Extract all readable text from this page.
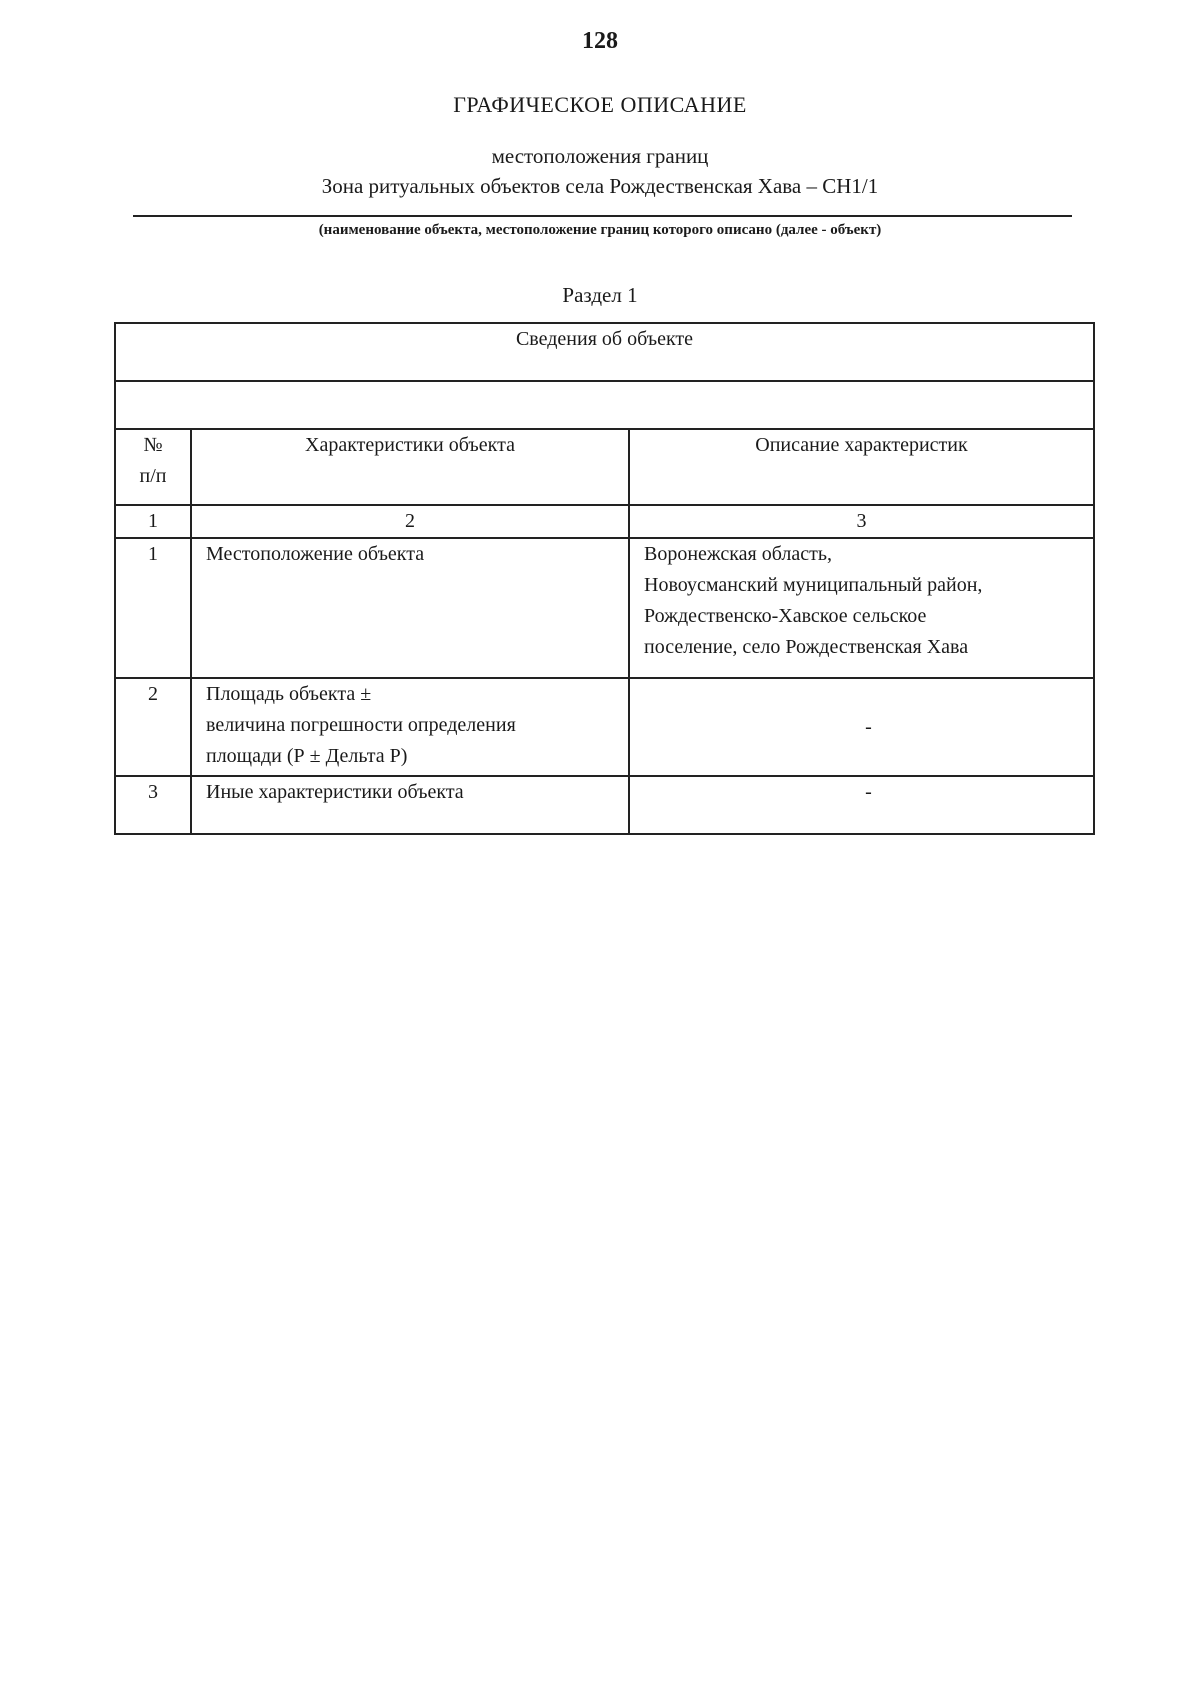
128
ГРАФИЧЕСКОЕ ОПИСАНИЕ
местоположения границ
Зона ритуальных объектов села Рождественская Хава – СН1/1
(наименование объекта, местоположение границ которого описано (далее - объект)
Раздел 1
Сведения об объекте		

№
п/п	Характеристики объекта	Описание характеристик
1	2	3
1	Местоположение объекта	Воронежская область,
Новоусманский муниципальный район,
Рождественско-Хавское сельское
поселение, село Рождественская Хава

2	Площадь объекта ±
величина погрешности определения
площади (Р ± Дельта Р)	-
3	Иные характеристики объекта	-
